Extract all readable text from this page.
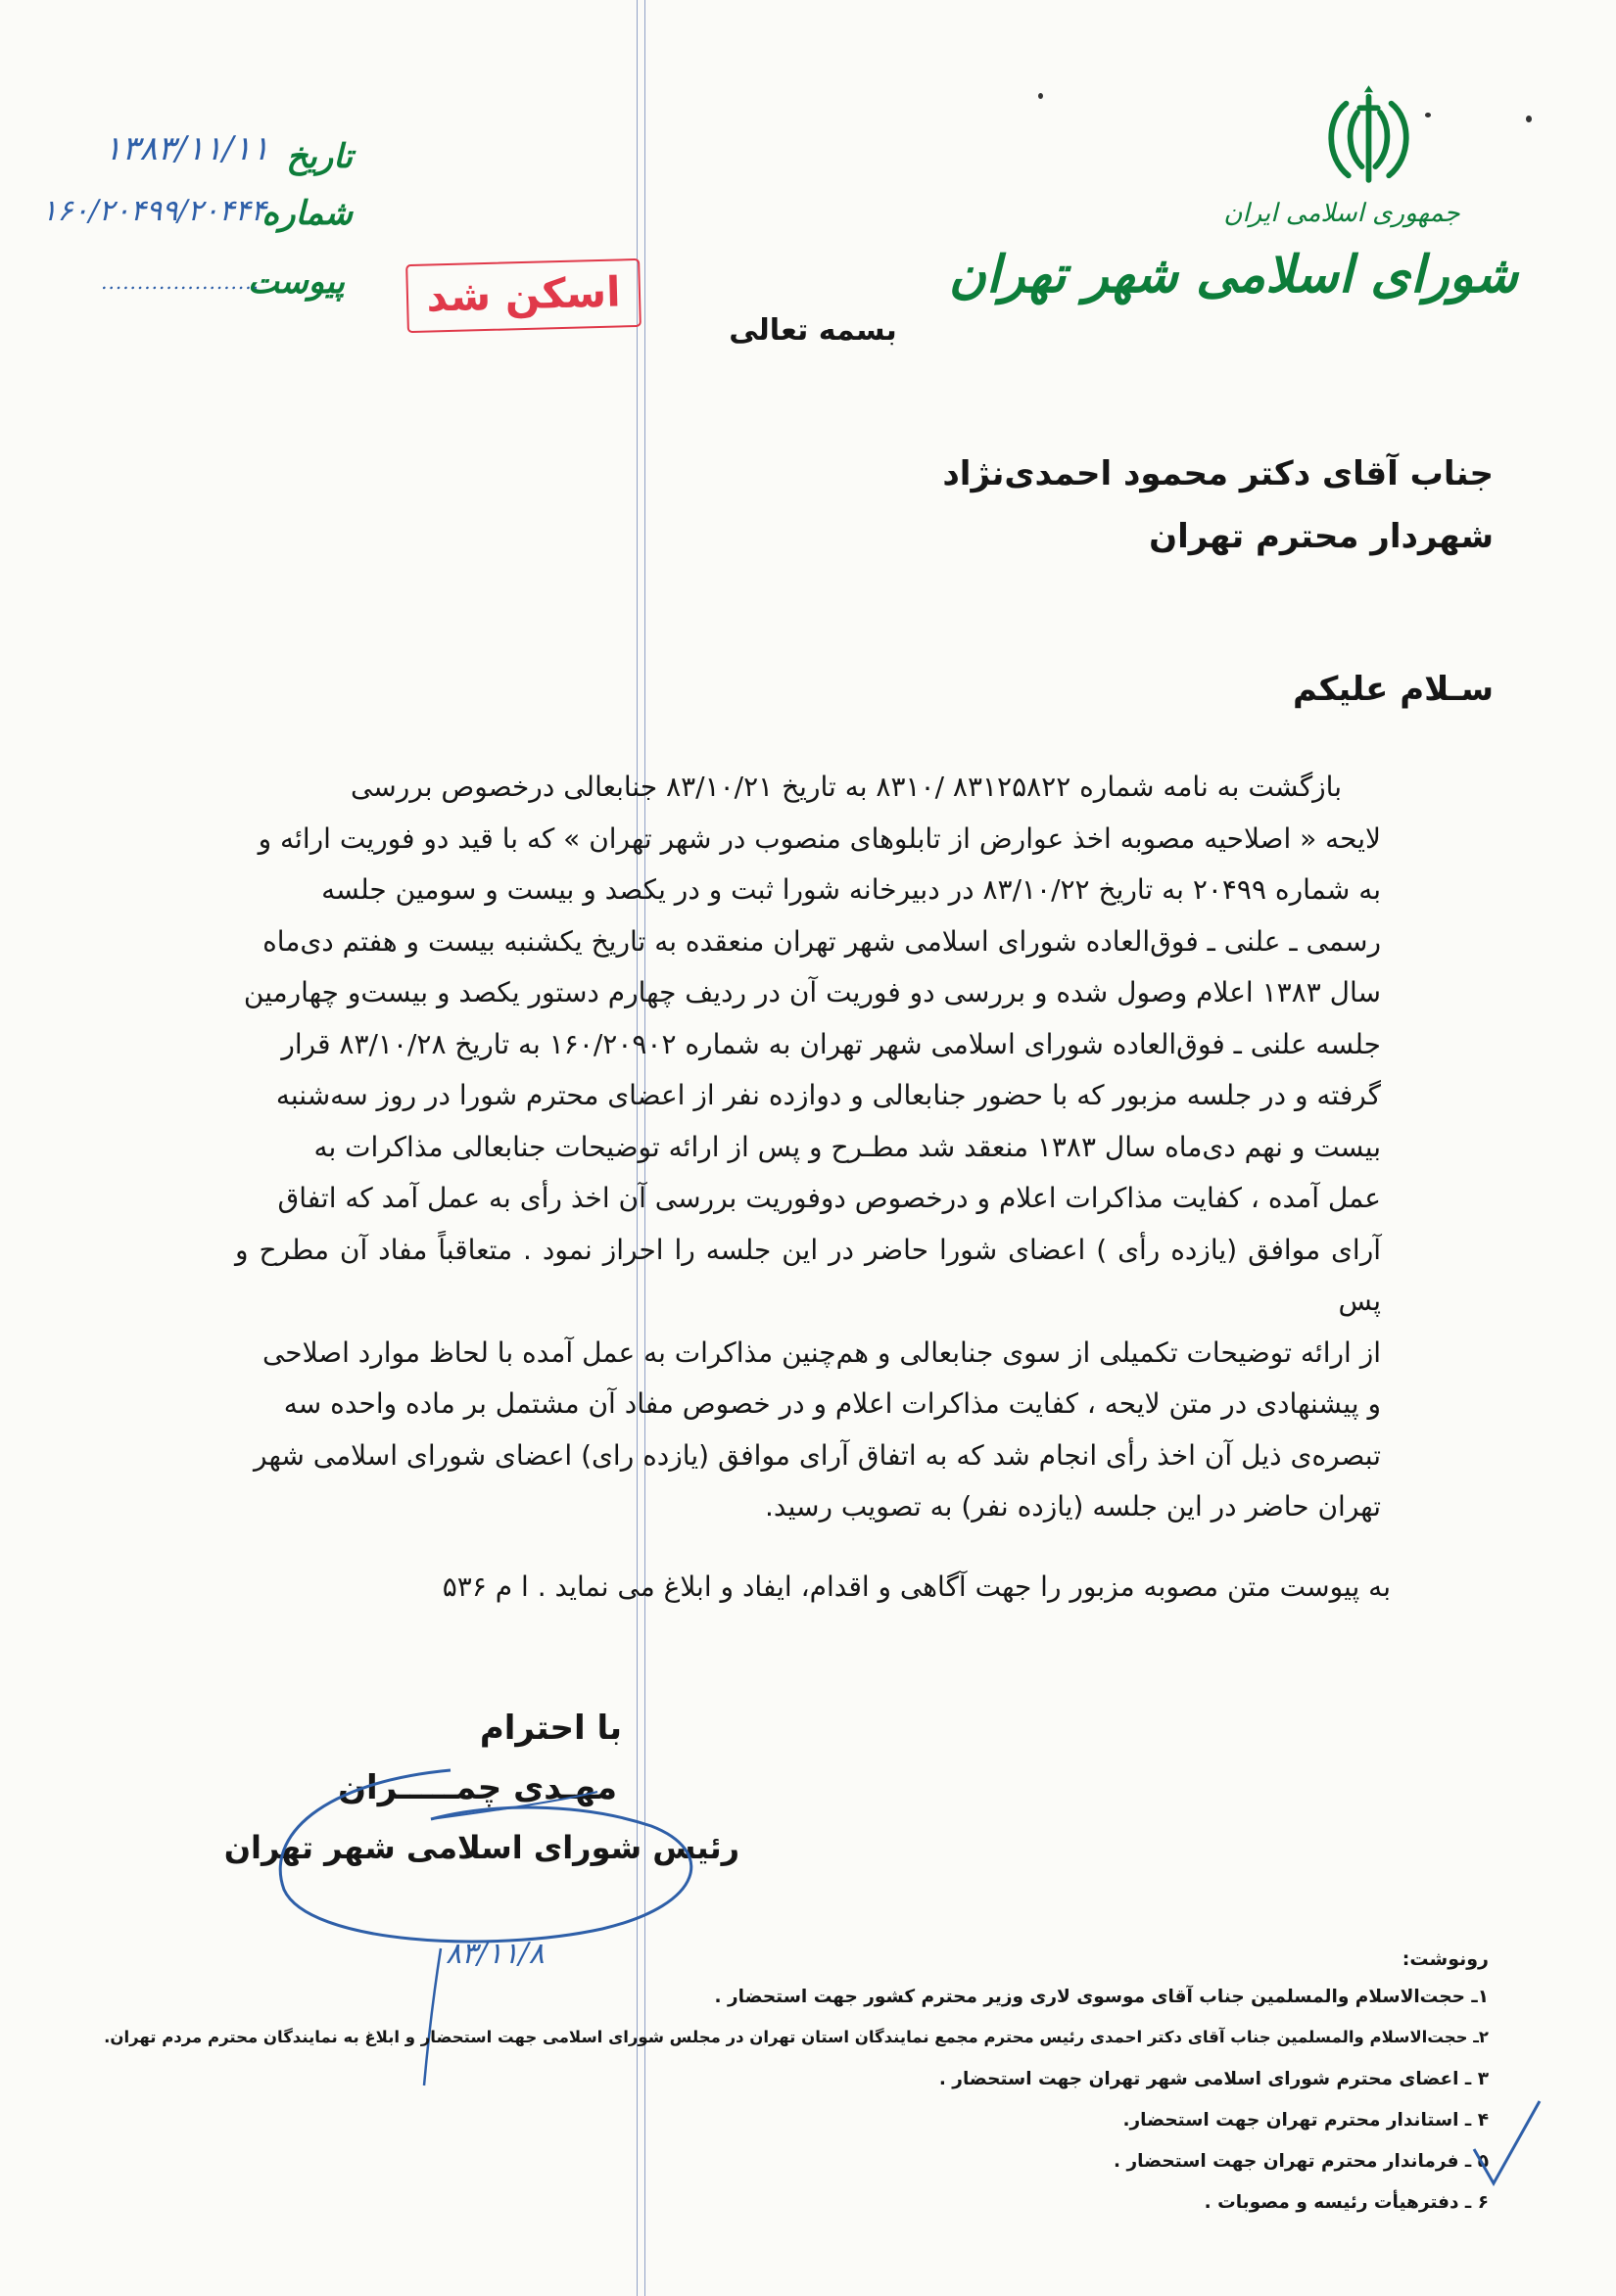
جمهوری اسلامی ایران
شورای اسلامی شهر تهران
تاریخ
۱۳۸۳/۱۱/۱۱
شماره
۱۶۰/۲۰۴۹۹/۲۰۴۴۴
پیوست
......................	اسکن شد
بسمه تعالی
جناب آقای دکتر محمود احمدی‌نژاد
شهردار محترم تهران
سـلام علیکم
بازگشت به نامه شماره ۸۳۱۲۵۸۲۲ /۸۳۱۰ به تاریخ ۸۳/۱۰/۲۱ جنابعالی درخصوص بررسی
لایحه « اصلاحیه مصوبه اخذ عوارض از تابلوهای منصوب در شهر تهران » که با قید دو فوریت ارائه و
به شماره ۲۰۴۹۹ به تاریخ ۸۳/۱۰/۲۲ در دبیرخانه شورا ثبت و در یکصد و بیست و سومین جلسه
رسمی ـ علنی ـ فوق‌العاده شورای اسلامی شهر تهران منعقده به تاریخ یکشنبه بیست و هفتم دی‌ماه
سال ۱۳۸۳ اعلام وصول شده و بررسی دو فوریت آن در ردیف چهارم دستور یکصد و بیست‌و چهارمین
جلسه علنی ـ فوق‌العاده شورای اسلامی شهر تهران به شماره ۱۶۰/۲۰۹۰۲ به تاریخ ۸۳/۱۰/۲۸ قرار
گرفته و در جلسه مزبور که با حضور جنابعالی و دوازده نفر از اعضای محترم شورا در روز سه‌شنبه
بیست و نهم دی‌ماه سال ۱۳۸۳ منعقد شد مطـرح و پس از ارائه توضیحات جنابعالی مذاکرات به
عمل آمده ، کفایت مذاکرات اعلام و درخصوص دوفوریت بررسی آن اخذ رأی به عمل آمد که اتفاق
آرای موافق (یازده رأی ) اعضای شورا حاضر در این جلسه را احراز نمود . متعاقباً مفاد آن مطرح و پس
از ارائه توضیحات تکمیلی از سوی جنابعالی و هم‌چنین مذاکرات به عمل آمده با لحاظ موارد اصلاحی
و پیشنهادی در متن لایحه ، کفایت مذاکرات اعلام و در خصوص مفاد آن مشتمل بر ماده واحده سه
تبصره‌ی ذیل آن اخذ رأی انجام شد که به اتفاق آرای موافق (یازده رای) اعضای شورای اسلامی شهر
تهران حاضر در این جلسه (یازده نفر) به تصویب رسید.
به پیوست متن مصوبه مزبور را جهت آگاهی و اقدام، ایفاد و ابلاغ می نماید . ا م ۵۳۶
با احترام
مهـدی چمـــــران
رئیس شورای اسلامی شهر تهران
۸۳/۱۱/۸	رونوشت:
۱ـ حجت‌الاسلام والمسلمین جناب آقای موسوی لاری وزیر محترم کشور جهت استحضار .
۲ـ حجت‌الاسلام والمسلمین جناب آقای دکتر احمدی رئیس محترم مجمع نمایندگان استان تهران در مجلس شورای اسلامی جهت استحضار و ابلاغ به نمایندگان محترم مردم تهران.
۳ ـ اعضای محترم شورای اسلامی شهر تهران جهت استحضار .
۴ ـ استاندار محترم تهران جهت استحضار.
۵ ـ فرماندار محترم تهران جهت استحضار .
۶ ـ دفترهیأت رئیسه و مصوبات .
